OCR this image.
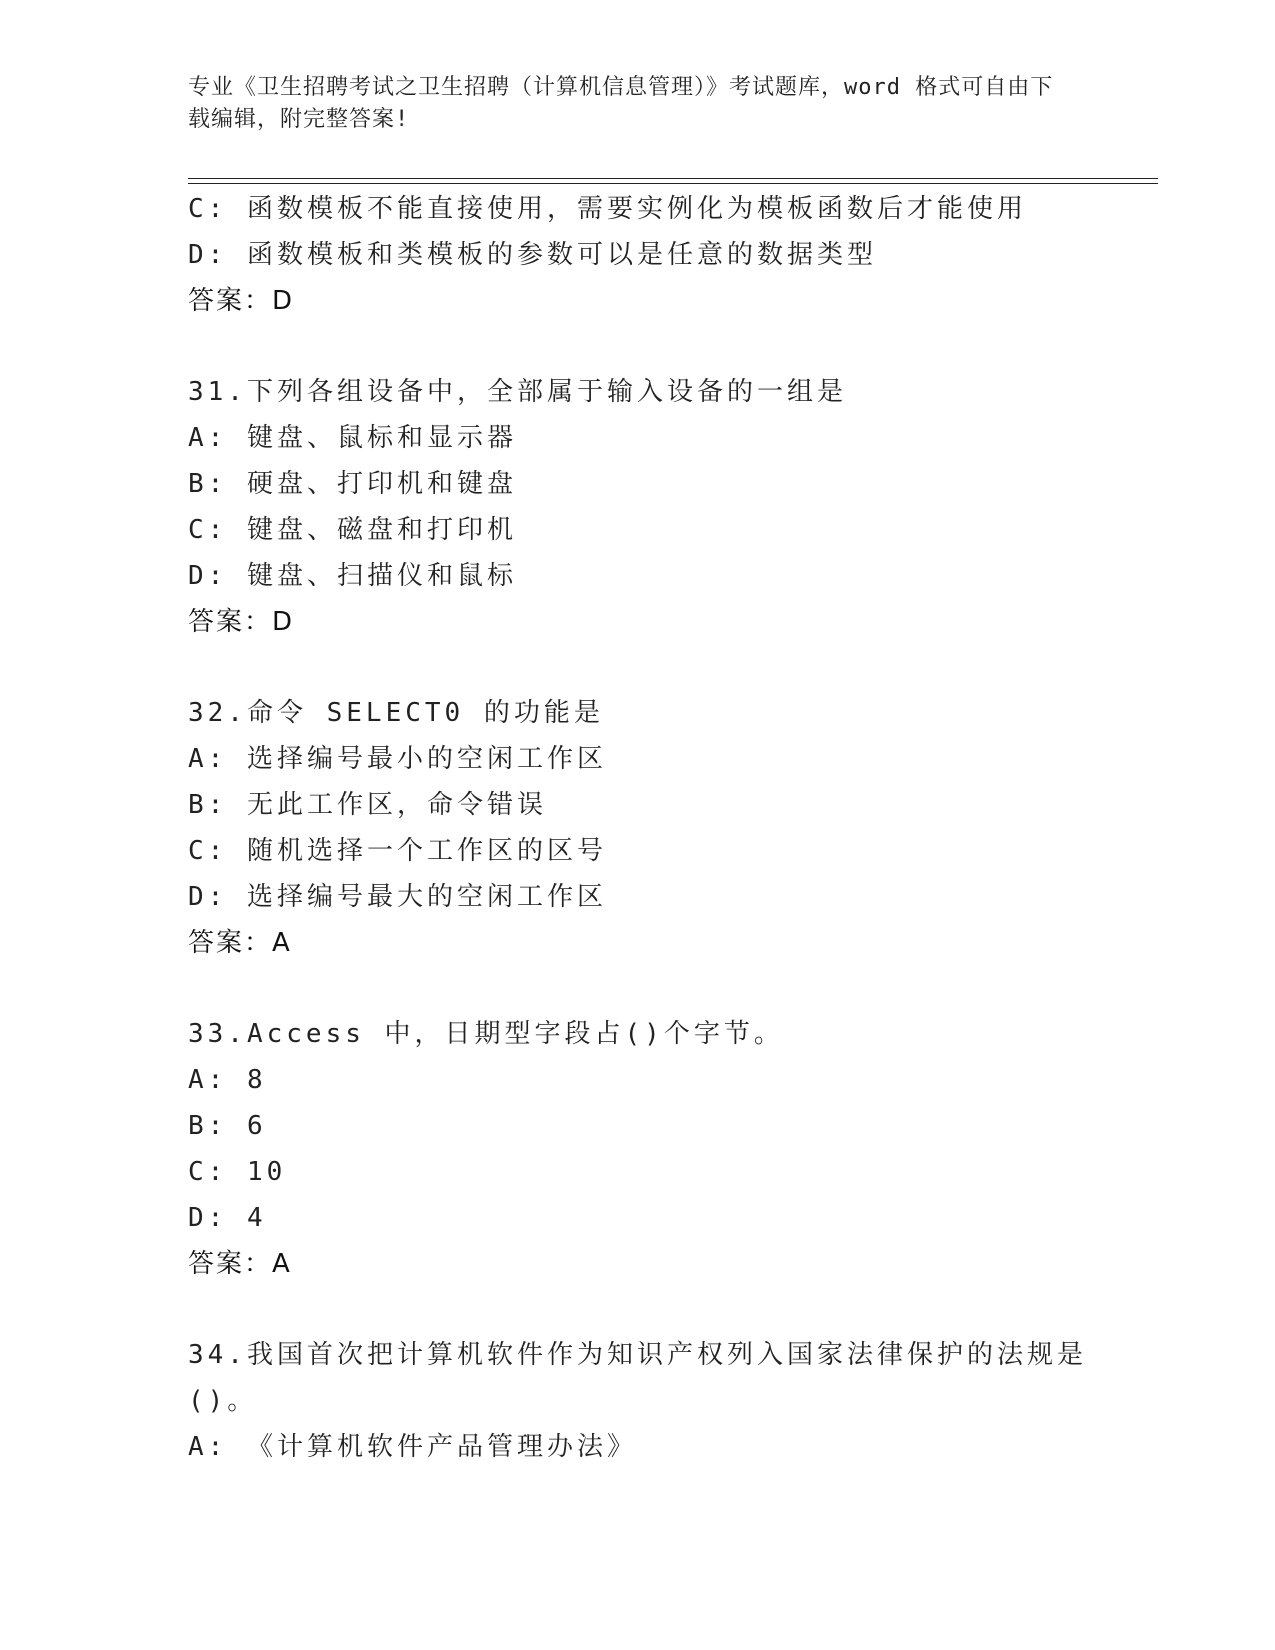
专业《卫生招聘考试之卫生招聘（计算机信息管理）》考试题库，word 格式可自由下载编辑，附完整答案!
C: 函数模板不能直接使用，需要实例化为模板函数后才能使用
D: 函数模板和类模板的参数可以是任意的数据类型
答案：D
31.下列各组设备中，全部属于输入设备的一组是
A: 键盘、鼠标和显示器
B: 硬盘、打印机和键盘
C: 键盘、磁盘和打印机
D: 键盘、扫描仪和鼠标
答案：D
32.命令 SELECT0 的功能是
A: 选择编号最小的空闲工作区
B: 无此工作区，命令错误
C: 随机选择一个工作区的区号
D: 选择编号最大的空闲工作区
答案：A
33.Access 中，日期型字段占()个字节。
A: 8
B: 6
C: 10
D: 4
答案：A
34.我国首次把计算机软件作为知识产权列入国家法律保护的法规是()。
A: 《计算机软件产品管理办法》
